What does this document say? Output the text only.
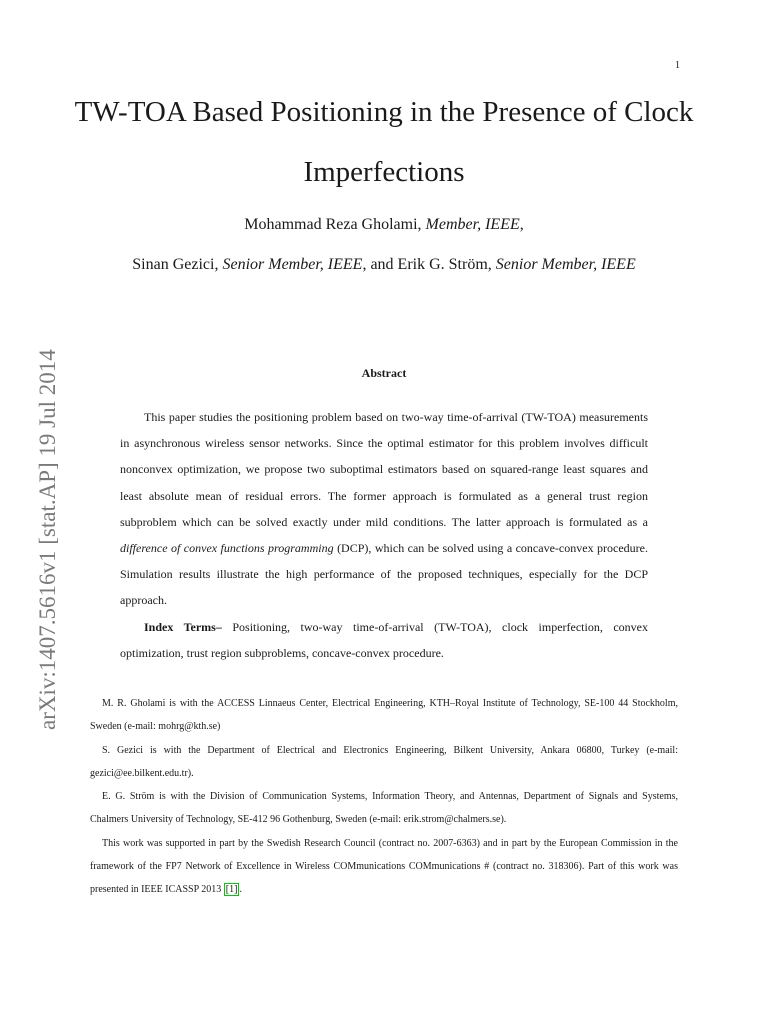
1
TW-TOA Based Positioning in the Presence of Clock Imperfections
Mohammad Reza Gholami, Member, IEEE,
Sinan Gezici, Senior Member, IEEE, and Erik G. Ström, Senior Member, IEEE
arXiv:1407.5616v1 [stat.AP] 19 Jul 2014	Abstract

This paper studies the positioning problem based on two-way time-of-arrival (TW-TOA) measurements in asynchronous wireless sensor networks. Since the optimal estimator for this problem involves difficult nonconvex optimization, we propose two suboptimal estimators based on squared-range least squares and least absolute mean of residual errors. The former approach is formulated as a general trust region subproblem which can be solved exactly under mild conditions. The latter approach is formulated as a difference of convex functions programming (DCP), which can be solved using a concave-convex procedure. Simulation results illustrate the high performance of the proposed techniques, especially for the DCP approach.

Index Terms– Positioning, two-way time-of-arrival (TW-TOA), clock imperfection, convex optimization, trust region subproblems, concave-convex procedure.

M. R. Gholami is with the ACCESS Linnaeus Center, Electrical Engineering, KTH–Royal Institute of Technology, SE-100 44 Stockholm, Sweden (e-mail: mohrg@kth.se)

S. Gezici is with the Department of Electrical and Electronics Engineering, Bilkent University, Ankara 06800, Turkey (e-mail: gezici@ee.bilkent.edu.tr).

E. G. Ström is with the Division of Communication Systems, Information Theory, and Antennas, Department of Signals and Systems, Chalmers University of Technology, SE-412 96 Gothenburg, Sweden (e-mail: erik.strom@chalmers.se).

This work was supported in part by the Swedish Research Council (contract no. 2007-6363) and in part by the European Commission in the framework of the FP7 Network of Excellence in Wireless COMmunications COMmunications # (contract no. 318306). Part of this work was presented in IEEE ICASSP 2013 [1] .
